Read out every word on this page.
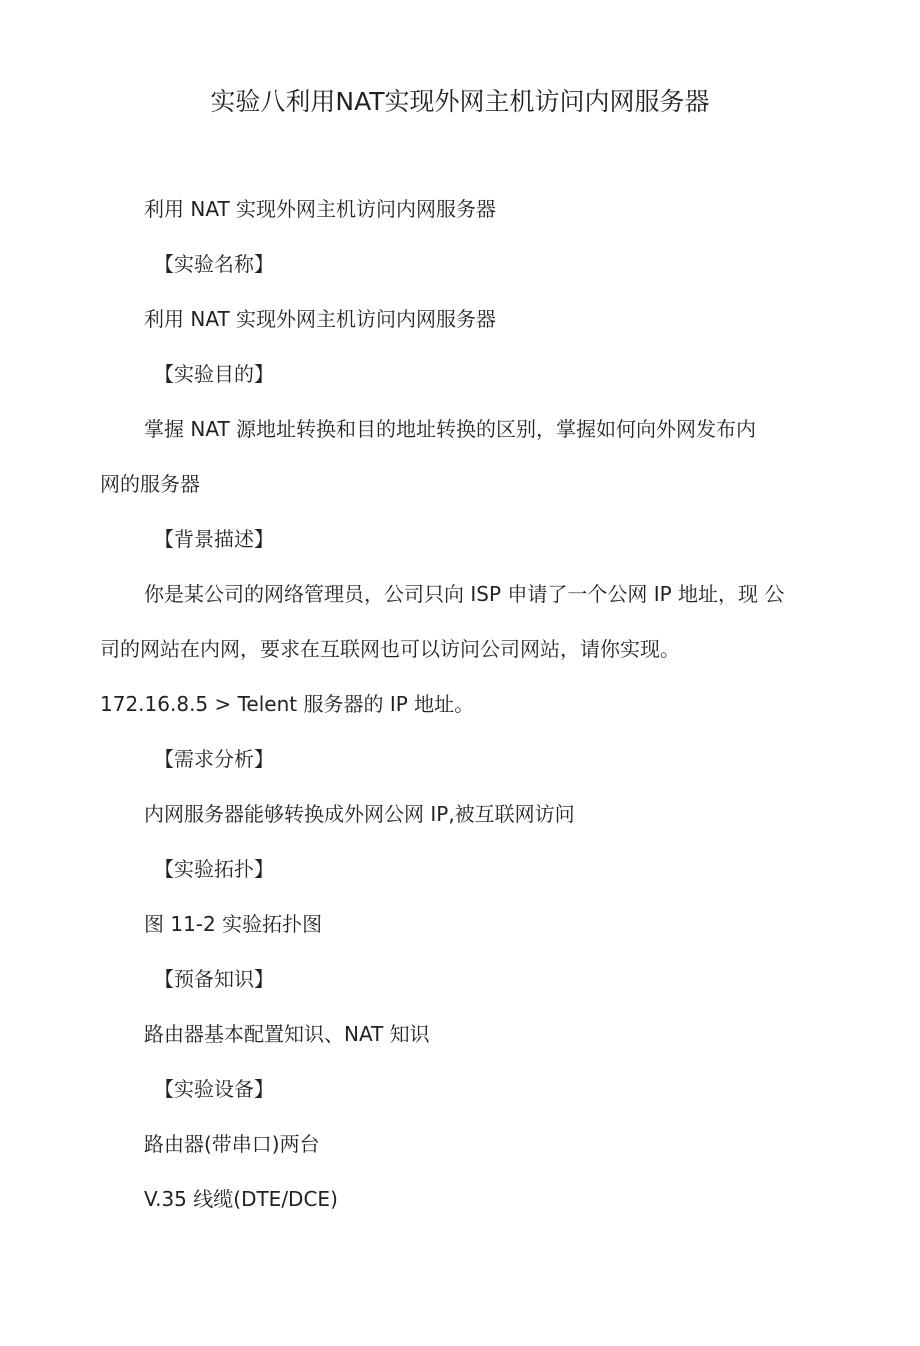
实验八利用NAT实现外网主机访问内网服务器
利用 NAT 实现外网主机访问内网服务器
【实验名称】
利用 NAT 实现外网主机访问内网服务器
【实验目的】
掌握 NAT 源地址转换和目的地址转换的区别，掌握如何向外网发布内
网的服务器
【背景描述】
你是某公司的网络管理员，公司只向 ISP 申请了一个公网 IP 地址，现 公
司的网站在内网，要求在互联网也可以访问公司网站，请你实现。
172.16.8.5 > Telent 服务器的 IP 地址。
【需求分析】
内网服务器能够转换成外网公网 IP,被互联网访问
【实验拓扑】
图 11-2 实验拓扑图
【预备知识】
路由器基本配置知识、NAT 知识
【实验设备】
路由器(带串口)两台
V.35 线缆(DTE/DCE)
